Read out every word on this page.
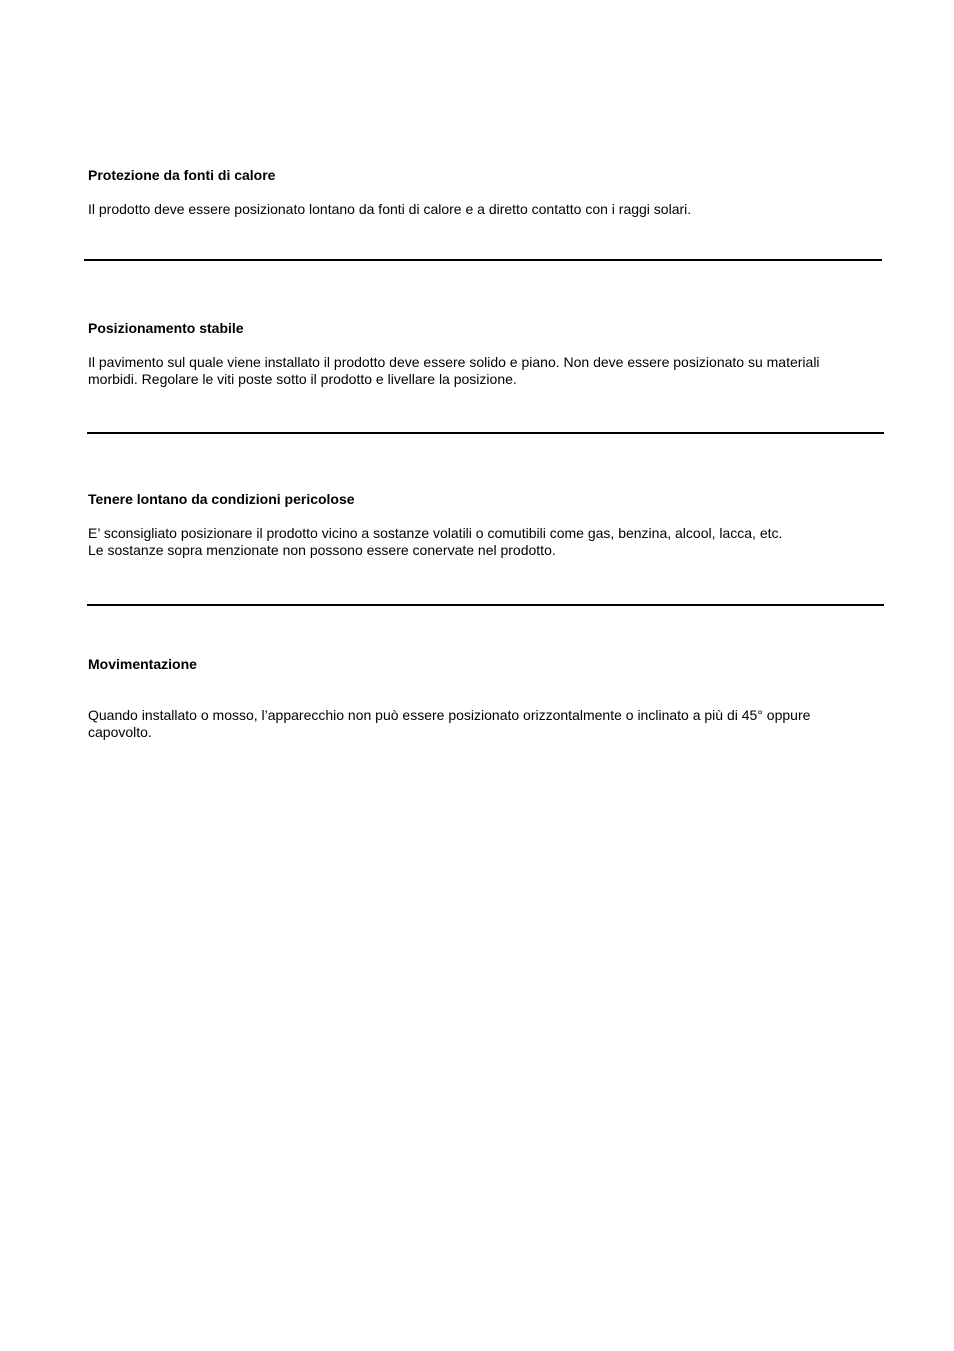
Protezione da fonti di calore
Il prodotto deve essere posizionato lontano da fonti di calore e a diretto contatto con i raggi solari.
Posizionamento stabile
Il pavimento sul quale viene installato il prodotto deve essere solido e piano. Non deve essere posizionato su materiali
morbidi. Regolare le viti poste sotto il prodotto e livellare la posizione.
Tenere lontano da condizioni pericolose
E’ sconsigliato posizionare il prodotto vicino a sostanze volatili o comutibili come gas, benzina, alcool, lacca, etc.
Le sostanze sopra menzionate non possono essere conervate nel prodotto.
Movimentazione
Quando installato o mosso, l’apparecchio non può essere posizionato orizzontalmente o inclinato a più di 45° oppure
capovolto.
